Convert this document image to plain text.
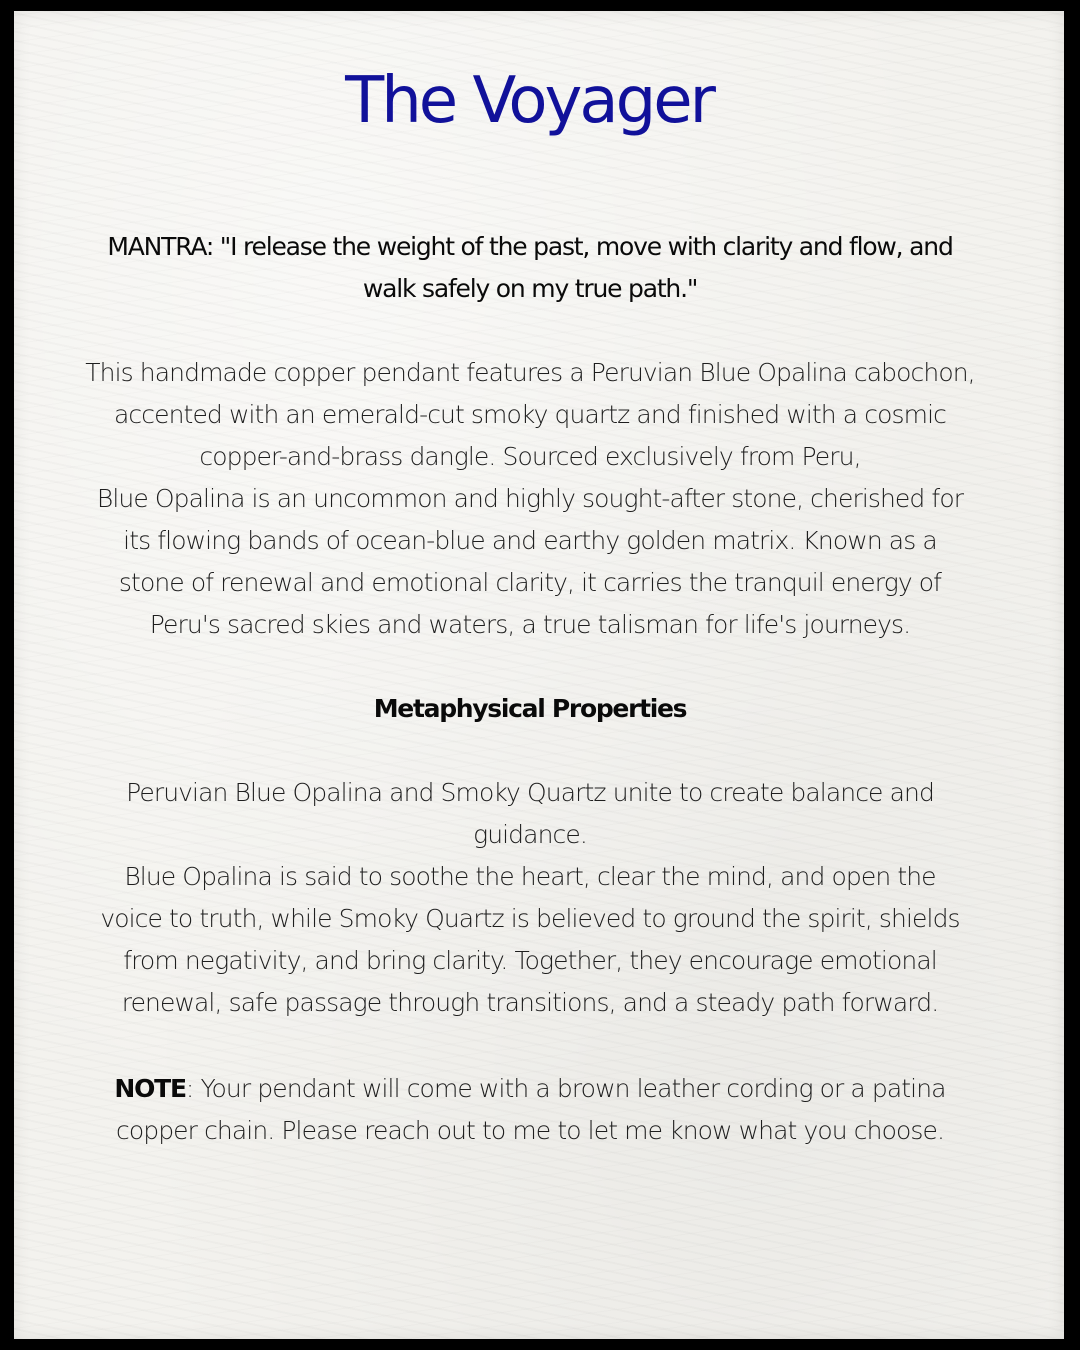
The Voyager

MANTRA: "I release the weight of the past, move with clarity and flow, and
walk safely on my true path."

This handmade copper pendant features a Peruvian Blue Opalina cabochon,
accented with an emerald-cut smoky quartz and finished with a cosmic
copper-and-brass dangle. Sourced exclusively from Peru,
Blue Opalina is an uncommon and highly sought-after stone, cherished for
its flowing bands of ocean-blue and earthy golden matrix. Known as a
stone of renewal and emotional clarity, it carries the tranquil energy of
Peru's sacred skies and waters, a true talisman for life's journeys.

Metaphysical Properties

Peruvian Blue Opalina and Smoky Quartz unite to create balance and
guidance.
Blue Opalina is said to soothe the heart, clear the mind, and open the
voice to truth, while Smoky Quartz is believed to ground the spirit, shields
from negativity, and bring clarity. Together, they encourage emotional
renewal, safe passage through transitions, and a steady path forward.

NOTE: Your pendant will come with a brown leather cording or a patina
copper chain. Please reach out to me to let me know what you choose.
